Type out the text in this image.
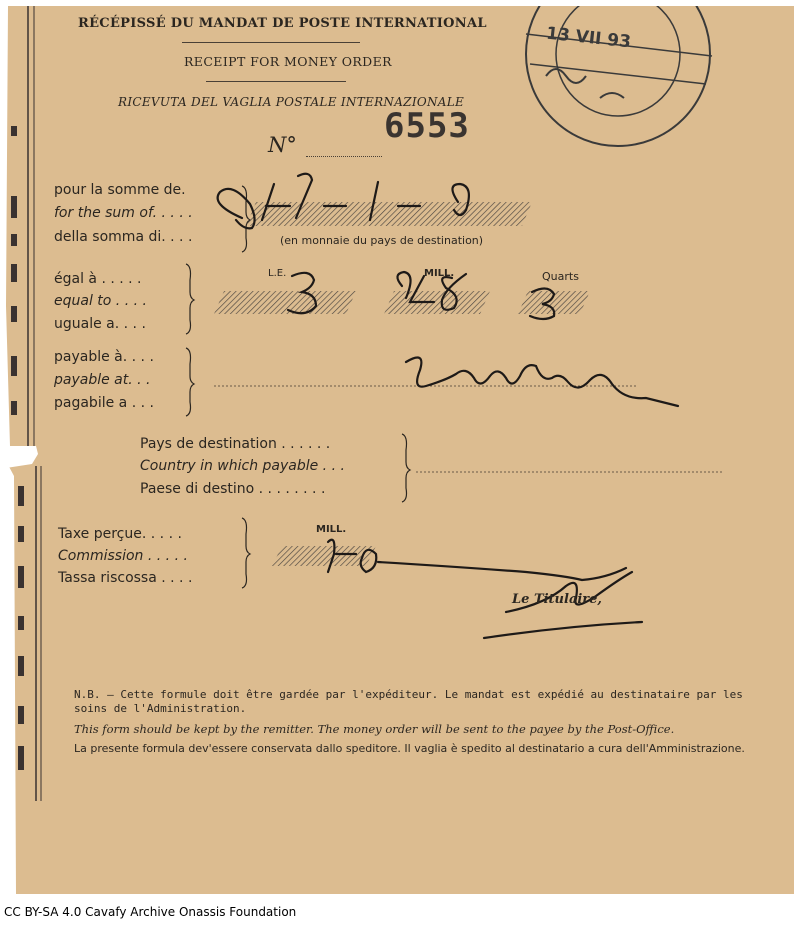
RÉCÉPISSÉ DU MANDAT DE POSTE INTERNATIONAL
RECEIPT FOR MONEY ORDER
RICEVUTA DEL VAGLIA POSTALE INTERNAZIONALE
13 VII 93
N°	6553
pour la somme de.
for the sum of. . . . .
della somma di. . . .	(en monnaie du pays de destination)
égal à . . . . .
equal to . . . .
uguale a. . . .
L.E.	MILL.	Quarts
payable à. . . .
payable at. . .
pagabile a . . .
Pays de destination . . . . . .
Country in which payable . . .
Paese di destino . . . . . . . .
Taxe perçue. . . . .
Commission . . . . .
Tassa riscossa . . . .
MILL.
Le Titulaire,
N.B. — Cette formule doit être gardée par l'expéditeur. Le mandat est expédié au destinataire par les soins de l'Administration.
This form should be kept by the remitter. The money order will be sent to the payee by the Post-Office.
La presente formula dev'essere conservata dallo speditore. Il vaglia è spedito al destinatario a cura dell'Amministrazione.
CC BY-SA 4.0 Cavafy Archive Onassis Foundation
